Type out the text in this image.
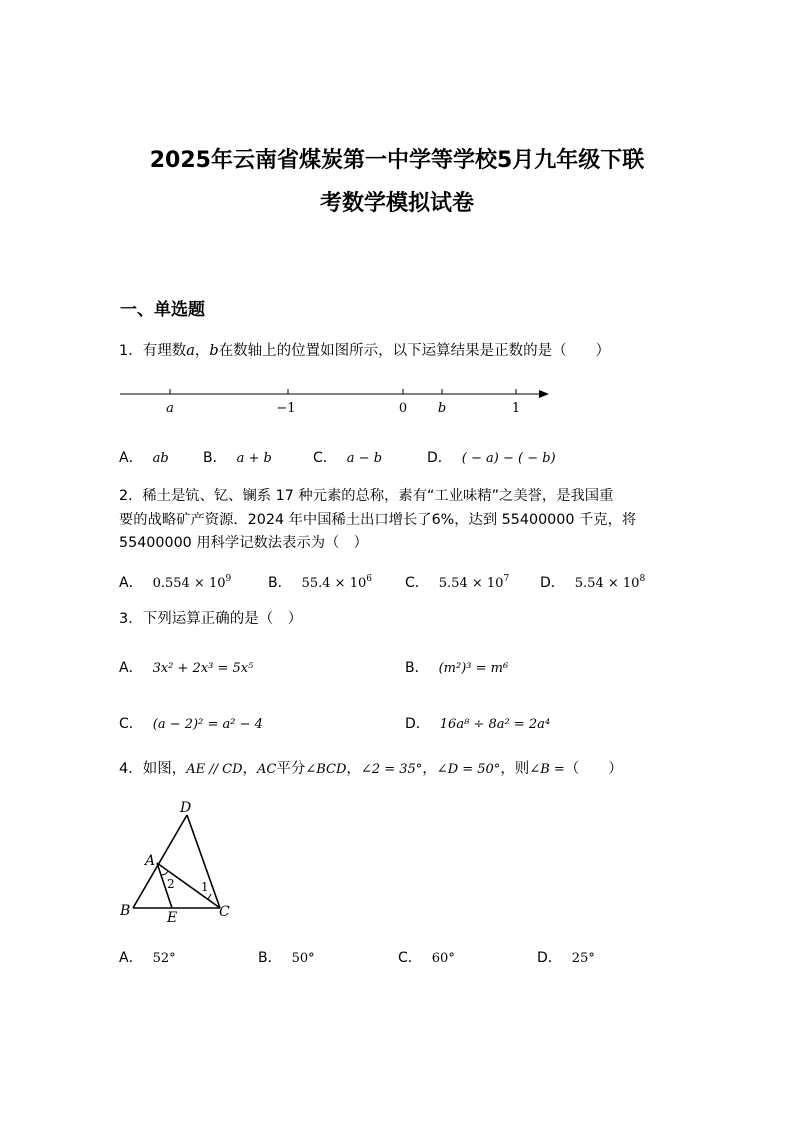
2025年云南省煤炭第一中学等学校5月九年级下联
考数学模拟试卷
一、单选题
1．有理数a，b在数轴上的位置如图所示，以下运算结果是正数的是（　　）
a	−1	0 b	1
A． ab B． a + b	C． a − b	D． ( − a) − ( − b)
2．稀土是钪、钇、镧系 17 种元素的总称，素有“工业味精”之美誉，是我国重
要的战略矿产资源．2024 年中国稀土出口增长了6%，达到 55400000 千克，将
55400000 用科学记数法表示为（　）
A． $0.554 \times 10^9$	B． $55.4 \times 10^6$ C． $5.54 \times 10^7$ D． $5.54 \times 10^8$
3．下列运算正确的是（　）
A． 3x² + 2x³ = 5x⁵	B． (m²)³ = m⁶
C． (a − 2)² = a² − 4	D． 16a⁸ ÷ 8a² = 2a⁴
4．如图，AE // CD，AC平分∠BCD，∠2 = 35°，∠D = 50°，则∠B =（　　）
D
A
B	E	C
2 1
A． 52°	B． 50°	C． 60°	D． 25°
